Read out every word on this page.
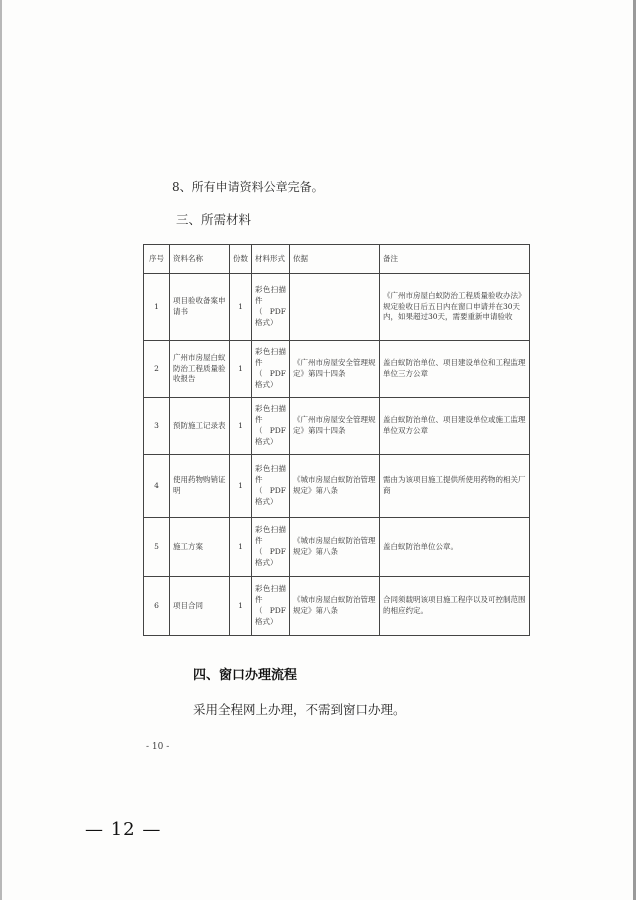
8、所有申请资料公章完备。
三、所需材料
序号	资料名称	份数	材料形式	依据	备注
1	项目验收备案申请书	1	彩色扫描件（PDF格式）		《广州市房屋白蚁防治工程质量验收办法》规定验收日后五日内在窗口申请并在30天内，如果超过30天，需要重新申请验收
2	广州市房屋白蚁防治工程质量验收报告	1	彩色扫描件（PDF格式）	《广州市房屋安全管理规定》第四十四条	盖白蚁防治单位、项目建设单位和工程监理单位三方公章
3	预防施工记录表	1	彩色扫描件（PDF格式）	《广州市房屋安全管理规定》第四十四条	盖白蚁防治单位、项目建设单位或施工监理单位双方公章
4	使用药物购销证明	1	彩色扫描件（PDF格式）	《城市房屋白蚁防治管理规定》第八条	需由为该项目施工提供所使用药物的相关厂商
5	施工方案	1	彩色扫描件（PDF格式）	《城市房屋白蚁防治管理规定》第八条	盖白蚁防治单位公章。
6	项目合同	1	彩色扫描件（PDF格式）	《城市房屋白蚁防治管理规定》第八条	合同须载明该项目施工程序以及可控制范围的相应约定。
四、窗口办理流程
采用全程网上办理，不需到窗口办理。
- 10 -
— 12 —
